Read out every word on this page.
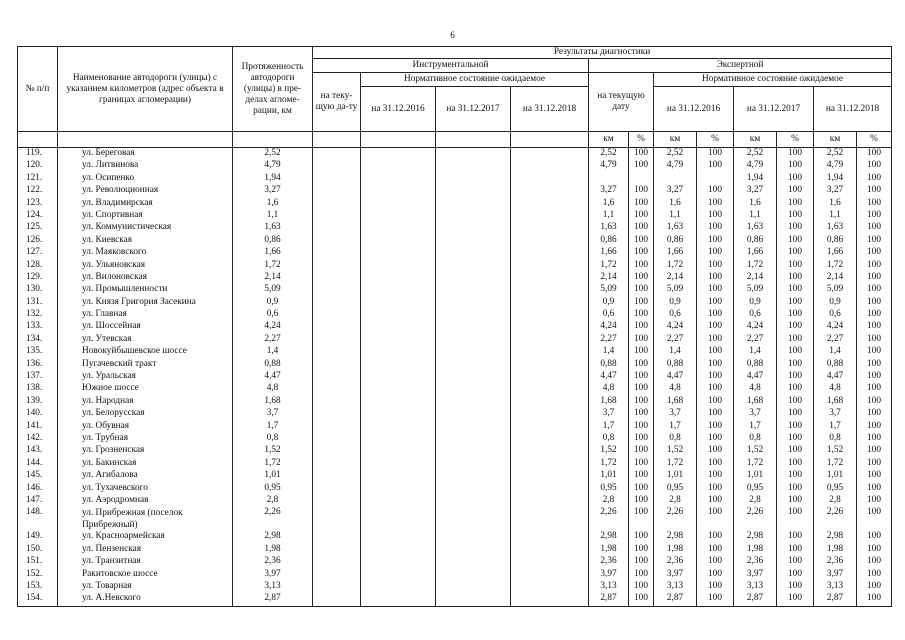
6
№ п/п	Наименование автодороги (улицы) с указанием километров (адрес объекта в границах агломерации)	Протяженность автодороги (улицы) в пре-делах агломе-рации, км	Результаты диагностики											
			Инструментальной				Экспертной							
			на теку-щую да-ту	Нормативное состояние ожидаемое			на текущую дату		Нормативное состояние ожидаемое					
				на 31.12.2016	на 31.12.2017	на 31.12.2018			на 31.12.2016		на 31.12.2017		на 31.12.2018	
							км	%	км	%	км	%	км	%
119.	ул. Береговая	2,52					2,52	100	2,52	100	2,52	100	2,52	100
120.	ул. Литвинова	4,79					4,79	100	4,79	100	4,79	100	4,79	100
121.	ул. Осипенко	1,94									1,94	100	1,94	100
122.	ул. Революционная	3,27					3,27	100	3,27	100	3,27	100	3,27	100
123.	ул. Владимирская	1,6					1,6	100	1,6	100	1,6	100	1,6	100
124.	ул. Спортивная	1,1					1,1	100	1,1	100	1,1	100	1,1	100
125.	ул. Коммунистическая	1,63					1,63	100	1,63	100	1,63	100	1,63	100
126.	ул. Киевская	0,86					0,86	100	0,86	100	0,86	100	0,86	100
127.	ул. Маяковского	1,66					1,66	100	1,66	100	1,66	100	1,66	100
128.	ул. Ульяновская	1,72					1,72	100	1,72	100	1,72	100	1,72	100
129.	ул. Вилоновская	2,14					2,14	100	2,14	100	2,14	100	2,14	100
130.	ул. Промышленности	5,09					5,09	100	5,09	100	5,09	100	5,09	100
131.	ул. Князя Григория Засекина	0,9					0,9	100	0,9	100	0,9	100	0,9	100
132.	ул. Главная	0,6					0,6	100	0,6	100	0,6	100	0,6	100
133.	ул. Шоссейная	4,24					4,24	100	4,24	100	4,24	100	4,24	100
134.	ул. Утевская	2,27					2,27	100	2,27	100	2,27	100	2,27	100
135.	Новокуйбышевское шоссе	1,4					1,4	100	1,4	100	1,4	100	1,4	100
136.	Пугачевский тракт	0,88					0,88	100	0,88	100	0,88	100	0,88	100
137.	ул. Уральская	4,47					4,47	100	4,47	100	4,47	100	4,47	100
138.	Южное шоссе	4,8					4,8	100	4,8	100	4,8	100	4,8	100
139.	ул. Народная	1,68					1,68	100	1,68	100	1,68	100	1,68	100
140.	ул. Белорусская	3,7					3,7	100	3,7	100	3,7	100	3,7	100
141.	ул. Обувная	1,7					1,7	100	1,7	100	1,7	100	1,7	100
142.	ул. Трубная	0,8					0,8	100	0,8	100	0,8	100	0,8	100
143.	ул. Грозненская	1,52					1,52	100	1,52	100	1,52	100	1,52	100
144.	ул. Бакинская	1,72					1,72	100	1,72	100	1,72	100	1,72	100
145.	ул. Агибалова	1,01					1,01	100	1,01	100	1,01	100	1,01	100
146.	ул. Тухачевского	0,95					0,95	100	0,95	100	0,95	100	0,95	100
147.	ул. Аэродромная	2,8					2,8	100	2,8	100	2,8	100	2,8	100
148.	ул. Прибрежная (поселок Прибрежный)	2,26					2,26	100	2,26	100	2,26	100	2,26	100
149.	ул. Красноармейская	2,98					2,98	100	2,98	100	2,98	100	2,98	100
150.	ул. Пензенская	1,98					1,98	100	1,98	100	1,98	100	1,98	100
151.	ул. Транзитная	2,36					2,36	100	2,36	100	2,36	100	2,36	100
152.	Ракитовское шоссе	3,97					3,97	100	3,97	100	3,97	100	3,97	100
153.	ул. Товарная	3,13					3,13	100	3,13	100	3,13	100	3,13	100
154.	ул. А.Невского	2,87					2,87	100	2,87	100	2,87	100	2,87	100
